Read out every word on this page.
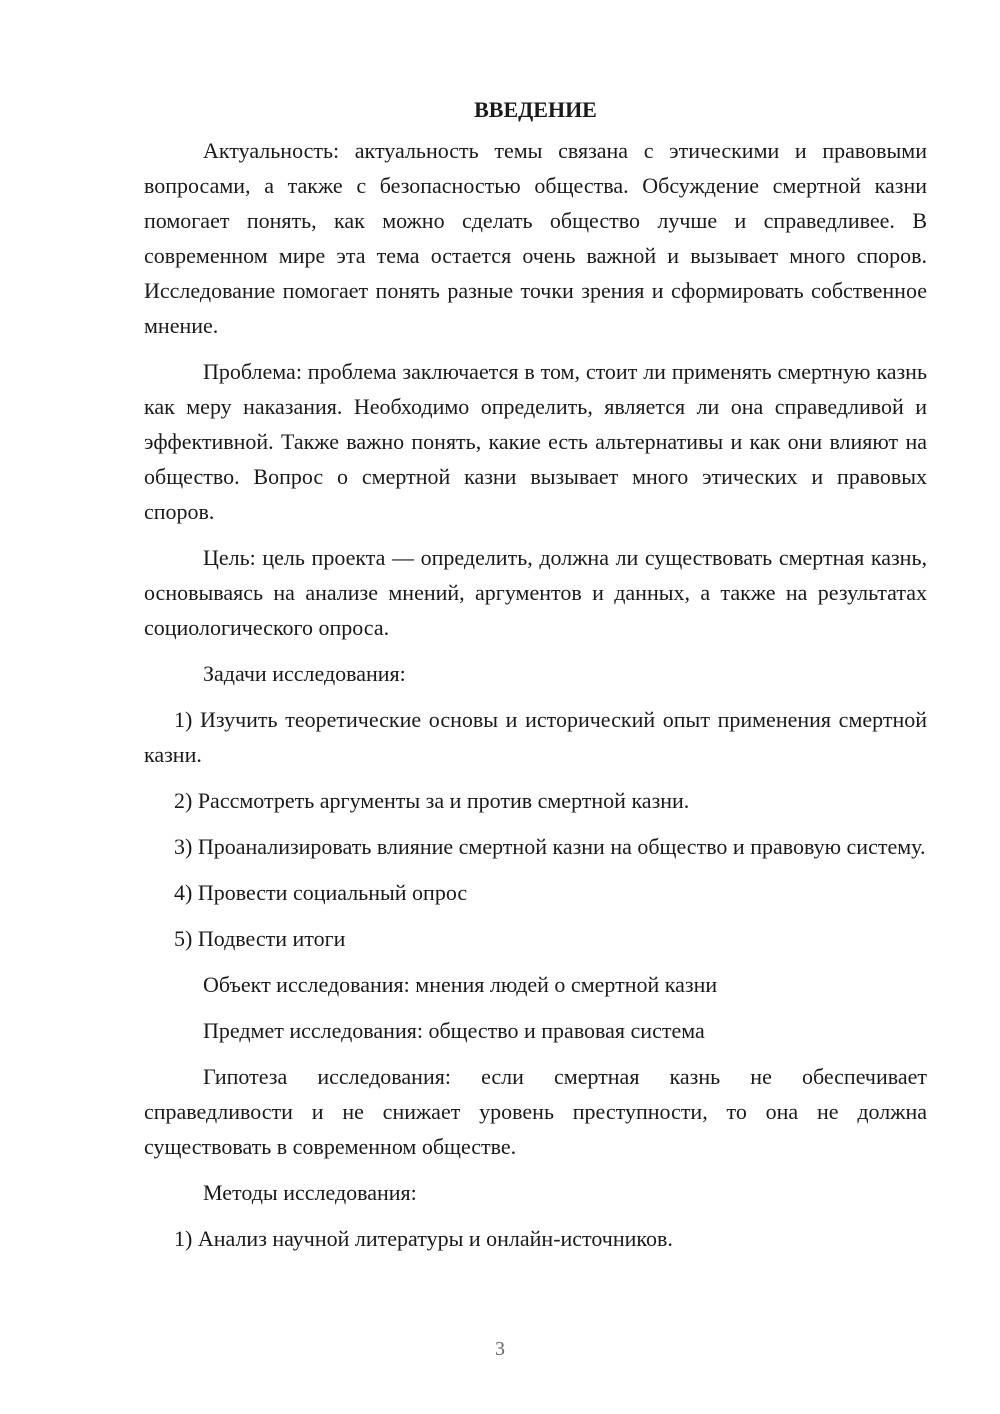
ВВЕДЕНИЕ

Актуальность: актуальность темы связана с этическими и правовыми вопросами, а также с безопасностью общества. Обсуждение смертной казни помогает понять, как можно сделать общество лучше и справедливее. В современном мире эта тема остается очень важной и вызывает много споров. Исследование помогает понять разные точки зрения и сформировать собственное мнение.

Проблема: проблема заключается в том, стоит ли применять смертную казнь как меру наказания. Необходимо определить, является ли она справедливой и эффективной. Также важно понять, какие есть альтернативы и как они влияют на общество. Вопрос о смертной казни вызывает много этических и правовых споров.

Цель: цель проекта — определить, должна ли существовать смертная казнь, основываясь на анализе мнений, аргументов и данных, а также на результатах социологического опроса.

Задачи исследования:

1) Изучить теоретические основы и исторический опыт применения смертной казни.

2) Рассмотреть аргументы за и против смертной казни.

3) Проанализировать влияние смертной казни на общество и правовую систему.

4) Провести социальный опрос

5) Подвести итоги

Объект исследования: мнения людей о смертной казни

Предмет исследования: общество и правовая система

Гипотеза исследования: если смертная казнь не обеспечивает справедливости и не снижает уровень преступности, то она не должна существовать в современном обществе.

Методы исследования:

1) Анализ научной литературы и онлайн-источников.

3
